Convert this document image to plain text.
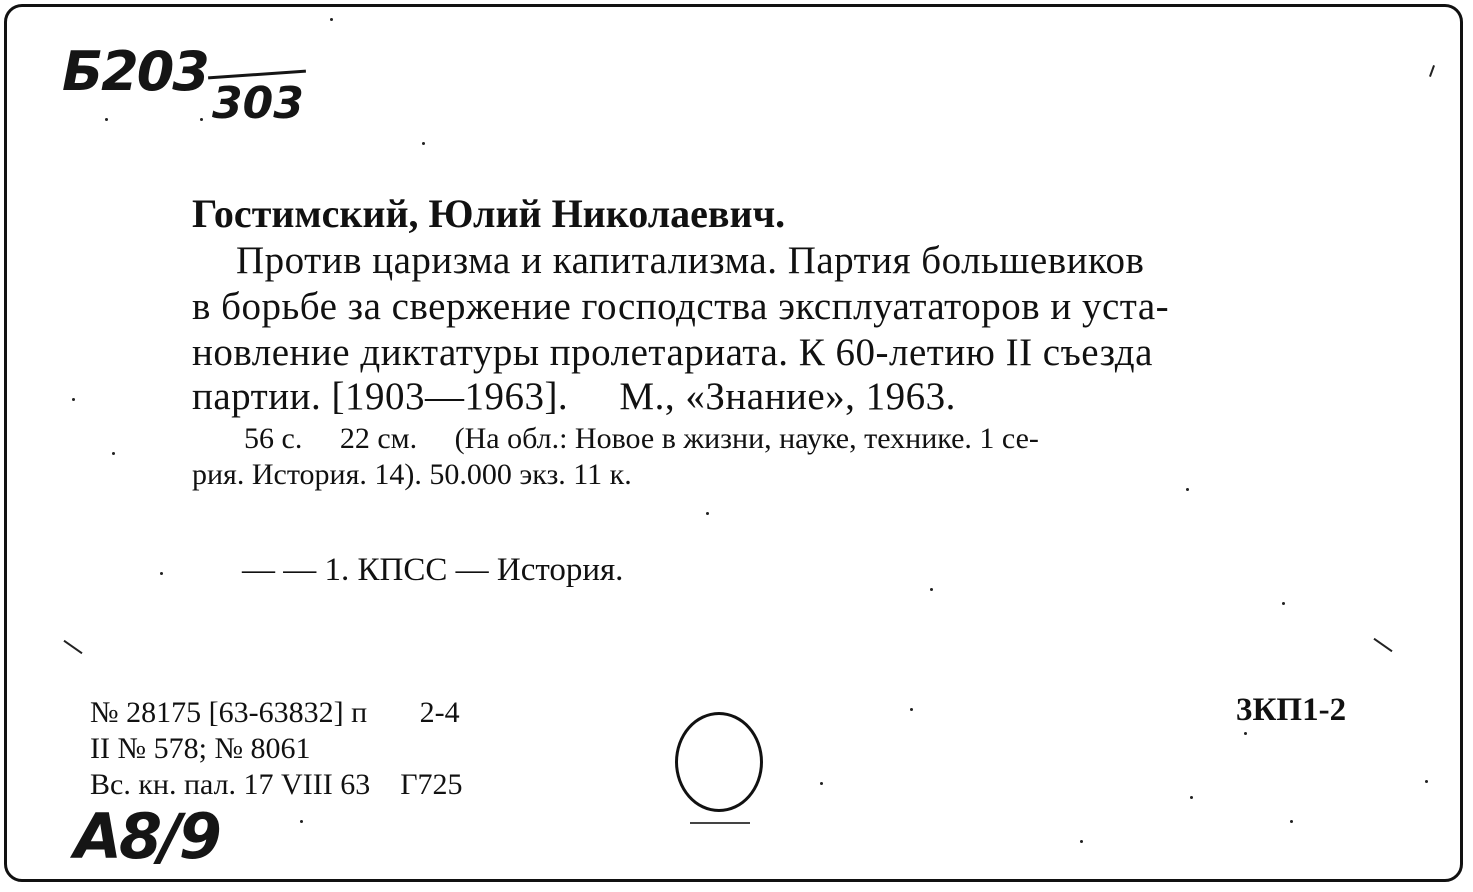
Б203
303
Гостимский, Юлий Николаевич.
Против царизма и капитализма. Партия большевиков
в борьбе за свержение господства эксплуататоров и уста-
новление диктатуры пролетариата. К 60-летию II съезда
партии. [1903—1963].     М., «Знание», 1963.
56 с.     22 см.     (На обл.: Новое в жизни, науке, технике. 1 се-
рия. История. 14). 50.000 экз. 11 к.
— — 1. КПСС — История.
№ 28175 [63-63832] п       2-4
II № 578; № 8061
Вс. кн. пал. 17 VIII 63    Г725
3КП1-2
А8/9
